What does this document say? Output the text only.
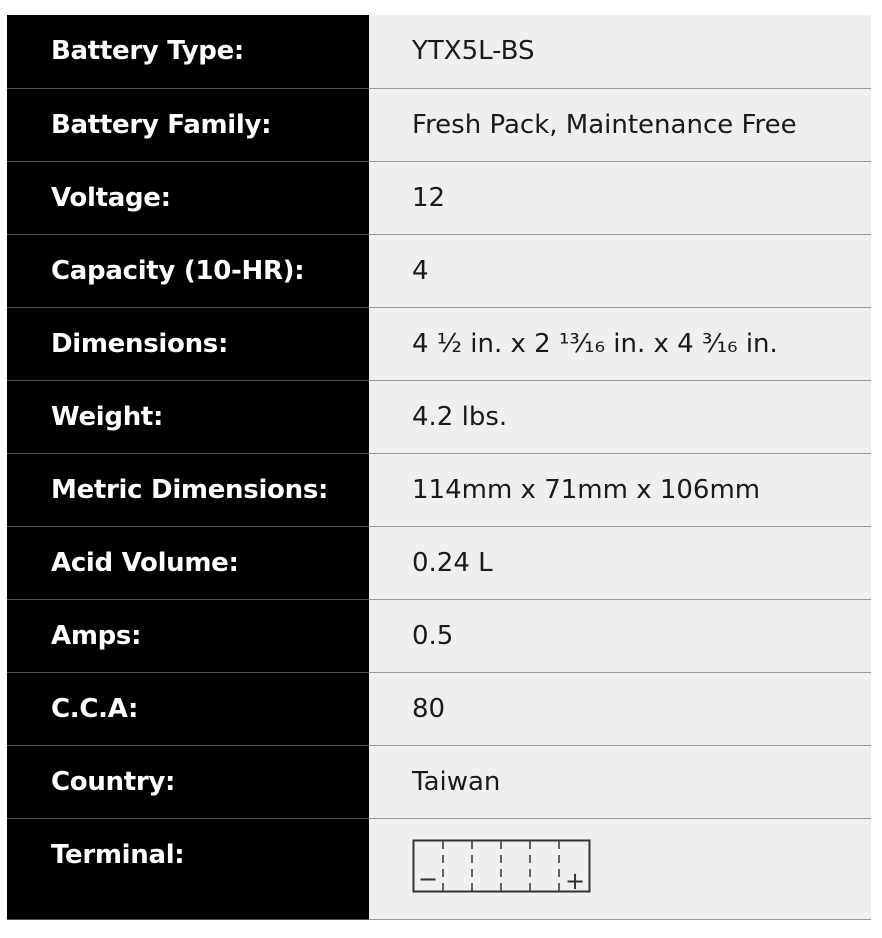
Battery Type:	YTX5L-BS
Battery Family:	Fresh Pack, Maintenance Free
Voltage:	12
Capacity (10-HR):	4
Dimensions:	4 ½ in. x 2 ¹³⁄₁₆ in. x 4 ³⁄₁₆ in.
Weight:	4.2 lbs.
Metric Dimensions:	114mm x 71mm x 106mm
Acid Volume:	0.24 L
Amps:	0.5
C.C.A:	80
Country:	Taiwan
Terminal:	− +
